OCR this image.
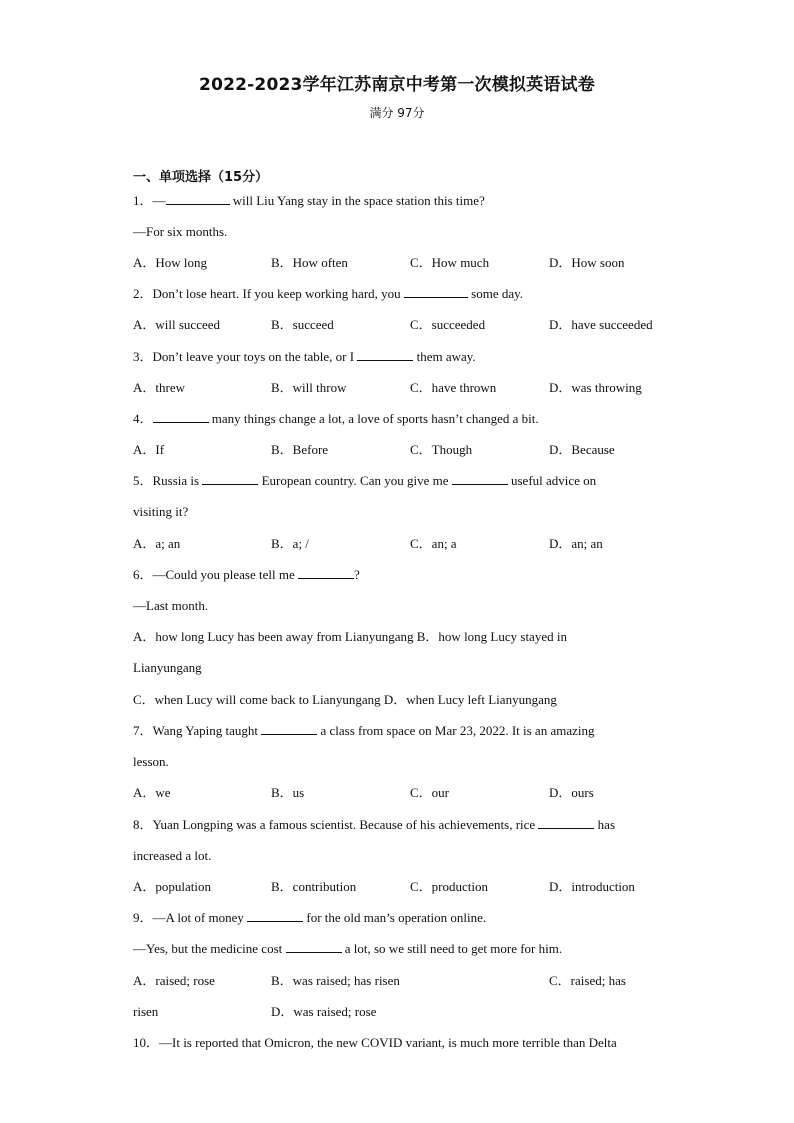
2022-2023学年江苏南京中考第一次模拟英语试卷
满分 97分
一、单项选择（15分）
1．—	will Liu Yang stay in the space station this time?
—For six months.
A．How long	B．How often	C．How much	D．How soon
2．Don’t lose heart. If you keep working hard, you	some day.
A．will succeed	B．succeed	C．succeeded	D．have succeeded
3．Don’t leave your toys on the table, or I	them away.
A．threw	B．will throw	C．have thrown	D．was throwing
4．	many things change a lot, a love of sports hasn’t changed a bit.
A．If	B．Before	C．Though	D．Because
5．Russia is	European country. Can you give me	useful advice on
visiting it?
A．a; an	B．a; /	C．an; a	D．an; an
6．—Could you please tell me	?
—Last month.
A．how long Lucy has been away from Lianyungang B．how long Lucy stayed in
Lianyungang
C．when Lucy will come back to Lianyungang D．when Lucy left Lianyungang
7．Wang Yaping taught	a class from space on Mar 23, 2022. It is an amazing
lesson.
A．we	B．us	C．our	D．ours
8．Yuan Longping was a famous scientist. Because of his achievements, rice	has
increased a lot.
A．population	B．contribution	C．production	D．introduction
9．—A lot of money	for the old man’s operation online.
—Yes, but the medicine cost	a lot, so we still need to get more for him.
A．raised; rose	B．was raised; has risen	C．raised; has
risen	D．was raised; rose
10．—It is reported that Omicron, the new COVID variant, is much more terrible than Delta
